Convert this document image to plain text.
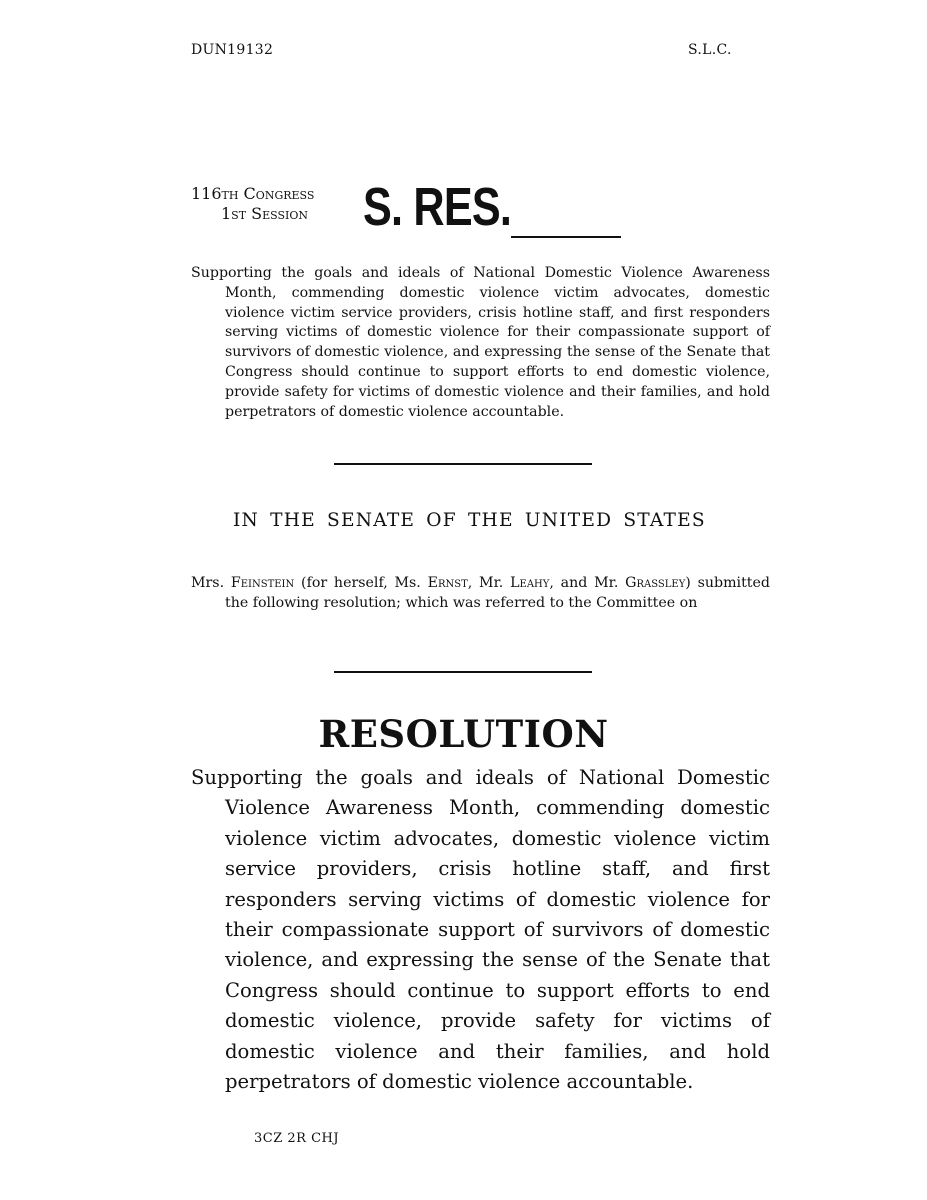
DUN19132	S.L.C.
116th Congress
1st Session S. RES.
Supporting the goals and ideals of National Domestic Violence Awareness Month, commending domestic violence victim advocates, domestic violence victim service providers, crisis hotline staff, and first responders serving victims of domestic violence for their compassionate support of survivors of domestic violence, and expressing the sense of the Senate that Congress should continue to support efforts to end domestic violence, provide safety for victims of domestic violence and their families, and hold perpetrators of domestic violence accountable.
IN THE SENATE OF THE UNITED STATES
Mrs. Feinstein (for herself, Ms. Ernst, Mr. Leahy, and Mr. Grassley) submitted the following resolution; which was referred to the Committee on
RESOLUTION
Supporting the goals and ideals of National Domestic Violence Awareness Month, commending domestic violence victim advocates, domestic violence victim service providers, crisis hotline staff, and first responders serving victims of domestic violence for their compassionate support of survivors of domestic violence, and expressing the sense of the Senate that Congress should continue to support efforts to end domestic violence, provide safety for victims of domestic violence and their families, and hold perpetrators of domestic violence accountable.
3CZ 2R CHJ
